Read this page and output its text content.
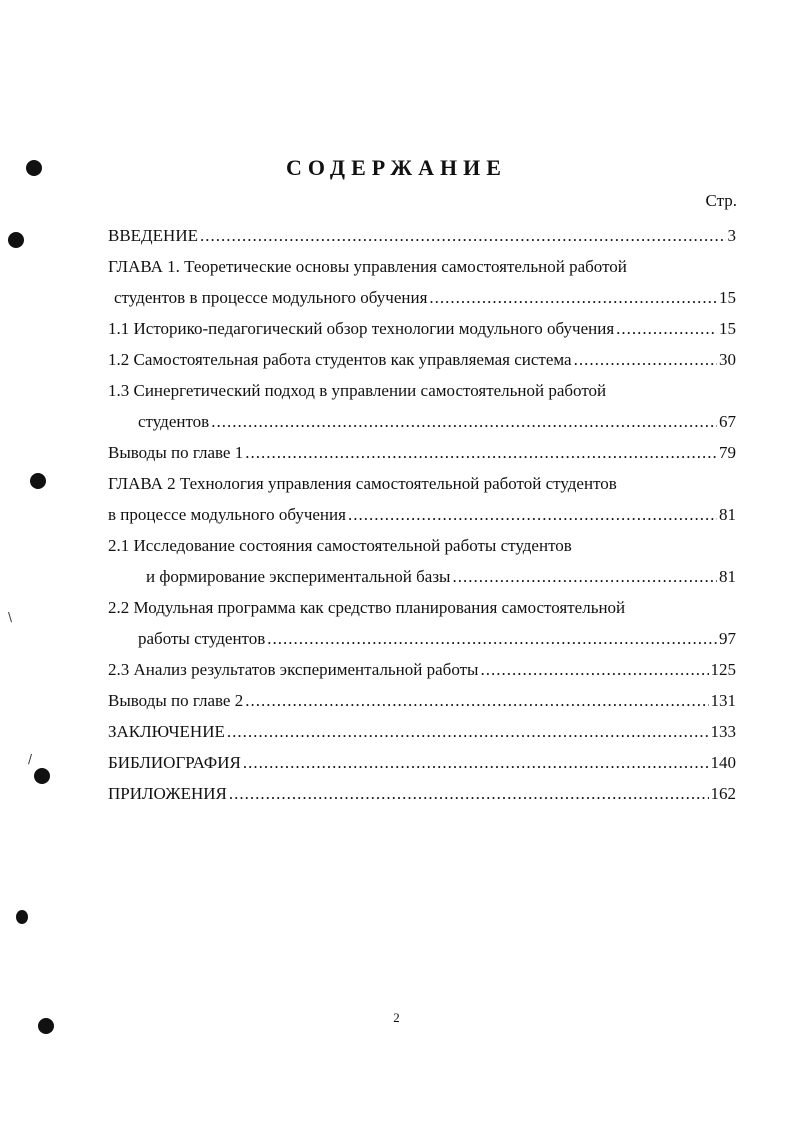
\
/
СОДЕРЖАНИЕ
Стр.
ВВЕДЕНИЕ .....	3
ГЛАВА 1. Теоретические основы управления самостоятельной работой
студентов в процессе модульного обучения .....	15
1.1 Историко-педагогический обзор технологии модульного обучения .....	15
1.2 Самостоятельная работа студентов как управляемая система .....	30
1.3 Синергетический подход в управлении самостоятельной работой
студентов .....	67
Выводы по главе 1 .....	79
ГЛАВА 2 Технология управления самостоятельной работой студентов
в процессе модульного обучения .....	81
2.1 Исследование состояния самостоятельной работы студентов
и формирование экспериментальной базы .....	81
2.2 Модульная программа как средство планирования самостоятельной
работы студентов .....	97
2.3 Анализ результатов экспериментальной работы .....	125
Выводы по главе 2 .....	131
ЗАКЛЮЧЕНИЕ .....	133
БИБЛИОГРАФИЯ .....	140
ПРИЛОЖЕНИЯ .....	162
2
